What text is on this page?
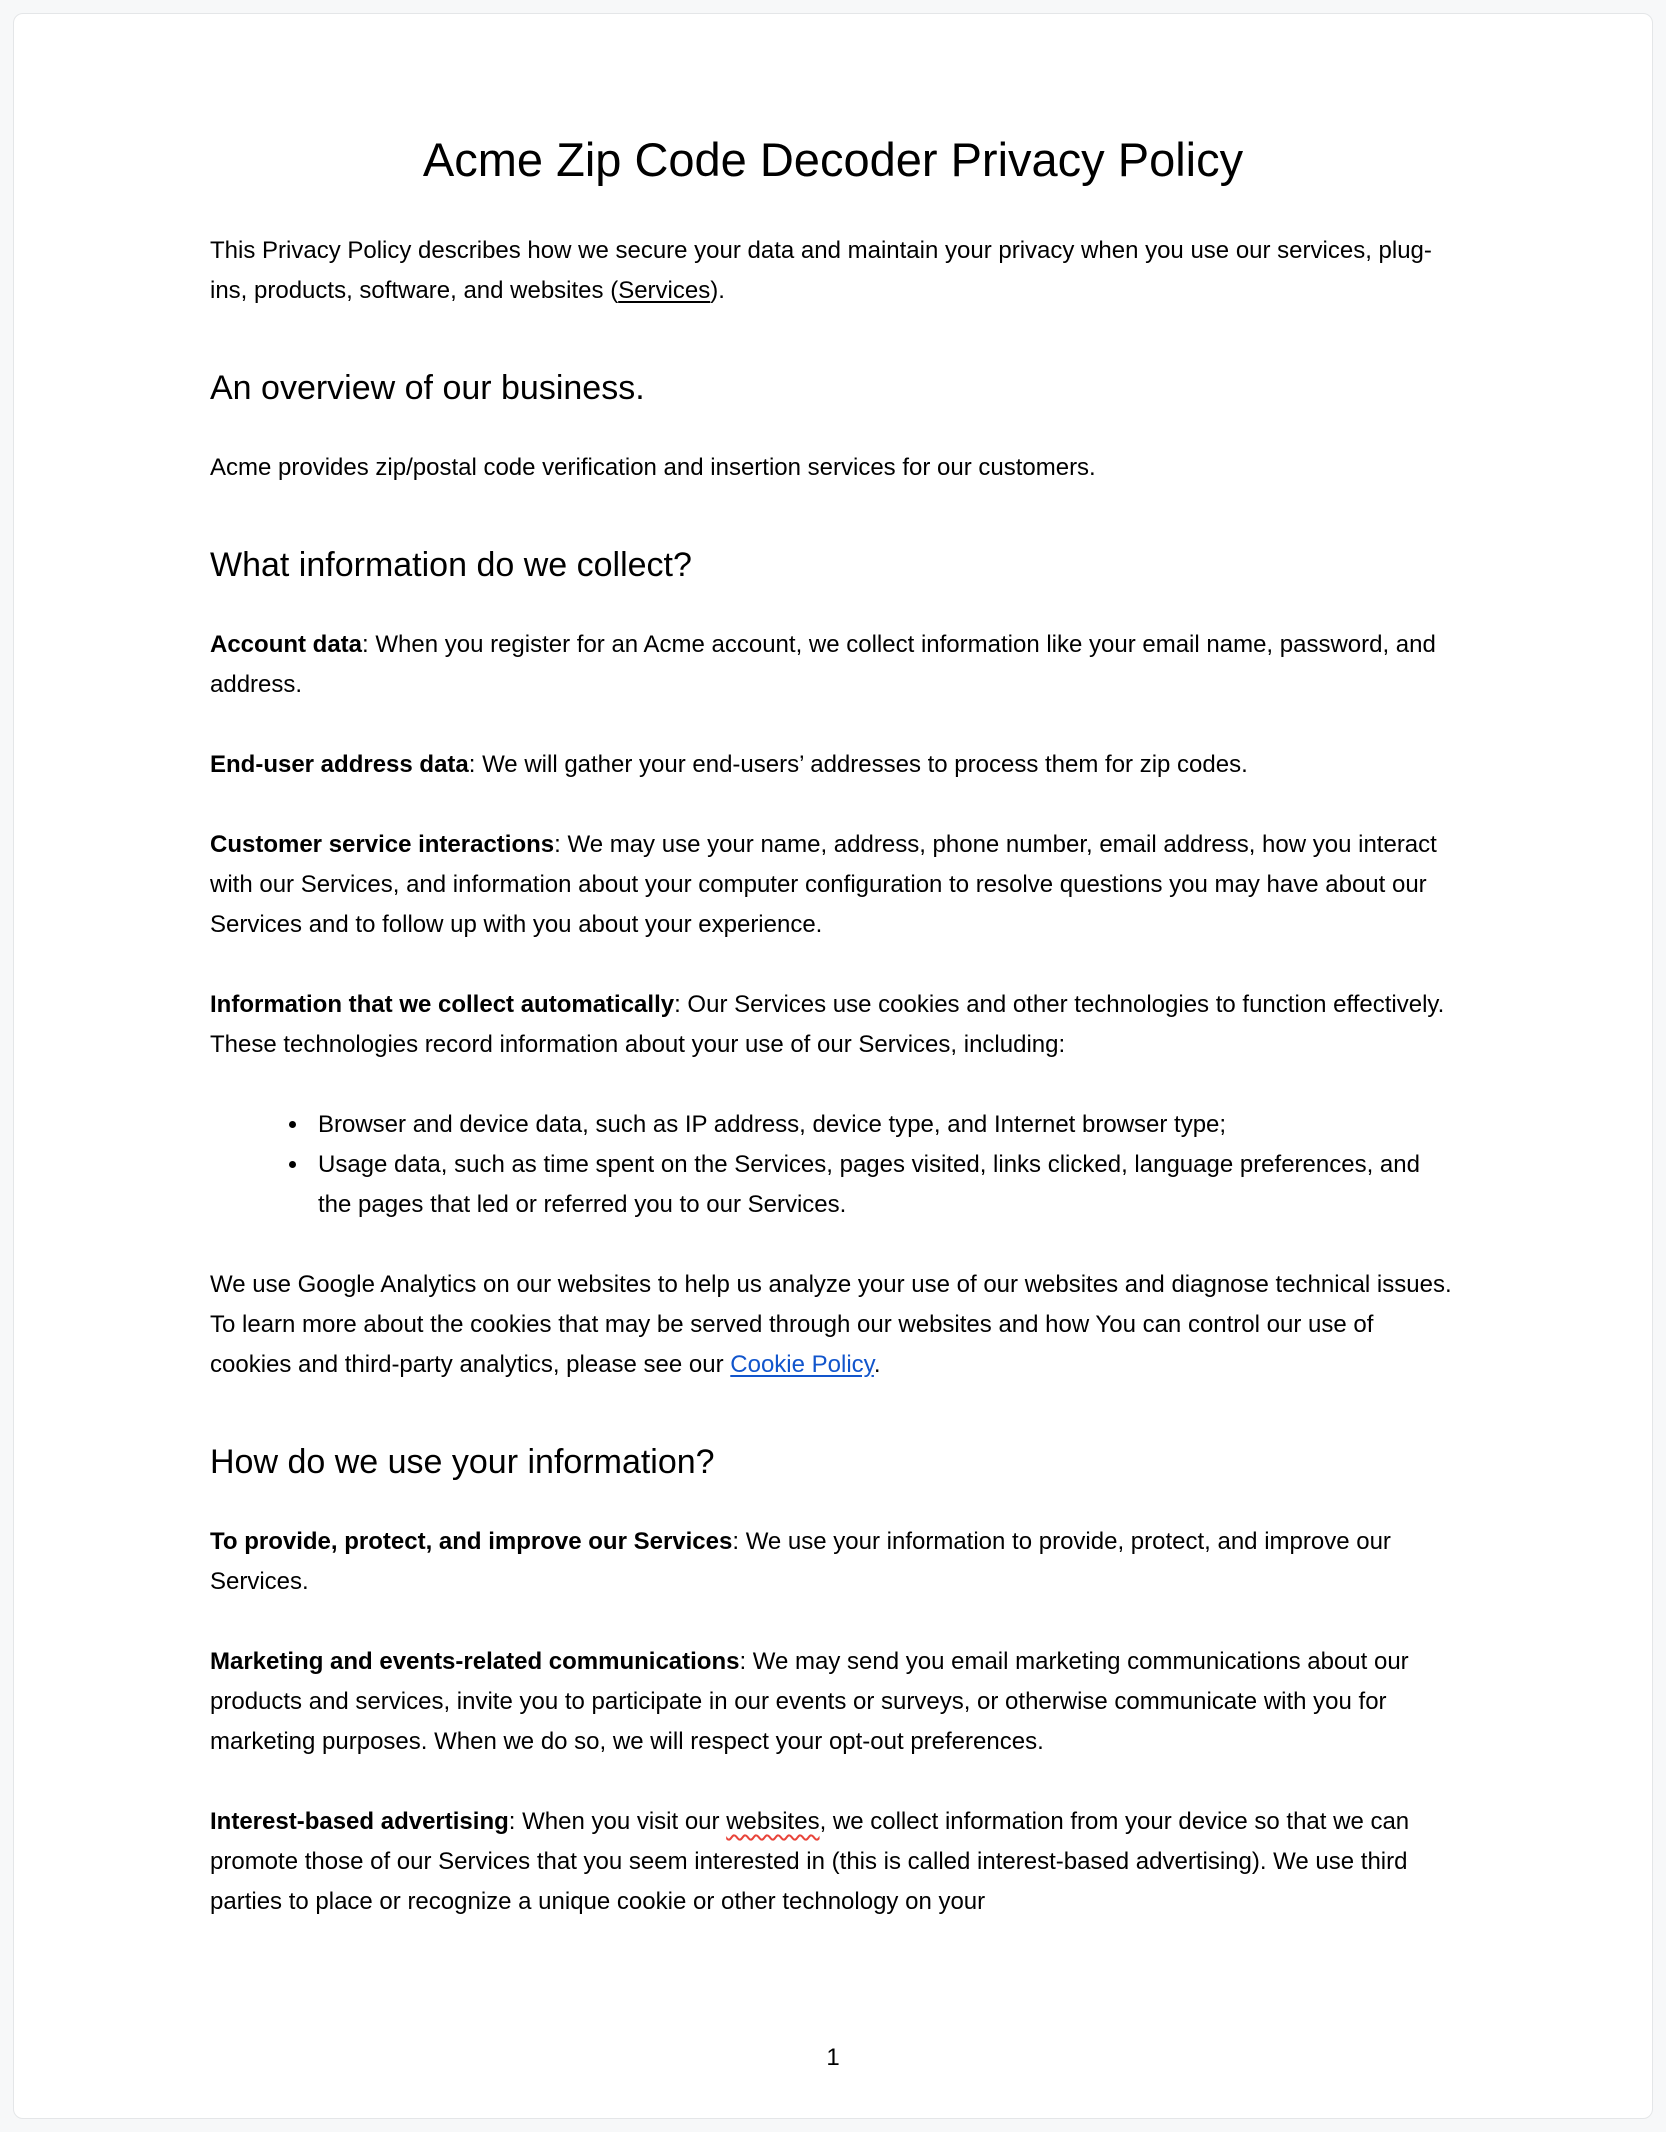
Acme Zip Code Decoder Privacy Policy

This Privacy Policy describes how we secure your data and maintain your privacy when you use our services, plug-ins, products, software, and websites (Services).

An overview of our business.

Acme provides zip/postal code verification and insertion services for our customers.

What information do we collect?

Account data: When you register for an Acme account, we collect information like your email name, password, and address.

End-user address data: We will gather your end-users’ addresses to process them for zip codes.

Customer service interactions: We may use your name, address, phone number, email address, how you interact with our Services, and information about your computer configuration to resolve questions you may have about our Services and to follow up with you about your experience.

Information that we collect automatically: Our Services use cookies and other technologies to function effectively. These technologies record information about your use of our Services, including:

• Browser and device data, such as IP address, device type, and Internet browser type;
• Usage data, such as time spent on the Services, pages visited, links clicked, language preferences, and the pages that led or referred you to our Services.

We use Google Analytics on our websites to help us analyze your use of our websites and diagnose technical issues. To learn more about the cookies that may be served through our websites and how You can control our use of cookies and third-party analytics, please see our Cookie Policy.

How do we use your information?

To provide, protect, and improve our Services: We use your information to provide, protect, and improve our Services.

Marketing and events-related communications: We may send you email marketing communications about our products and services, invite you to participate in our events or surveys, or otherwise communicate with you for marketing purposes. When we do so, we will respect your opt-out preferences.

Interest-based advertising: When you visit our websites, we collect information from your device so that we can promote those of our Services that you seem interested in (this is called interest-based advertising). We use third parties to place or recognize a unique cookie or other technology on your

1
